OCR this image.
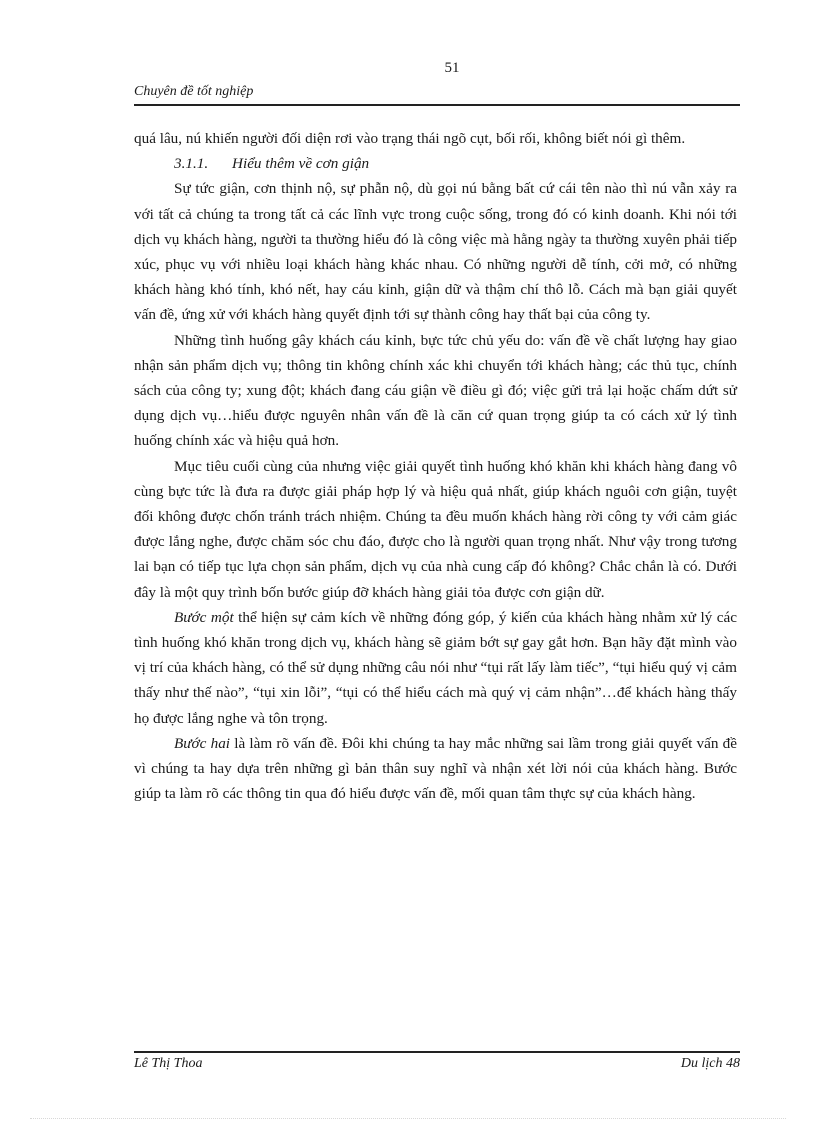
51
Chuyên đề tốt nghiệp

quá lâu, nú khiến người đối diện rơi vào trạng thái ngõ cụt, bối rối, không biết nói gì thêm.

3.1.1. Hiểu thêm về cơn giận

Sự tức giận, cơn thịnh nộ, sự phẫn nộ, dù gọi nú bằng bất cứ cái tên nào thì nú vẫn xảy ra với tất cả chúng ta trong tất cả các lĩnh vực trong cuộc sống, trong đó có kinh doanh. Khi nói tới dịch vụ khách hàng, người ta thường hiểu đó là công việc mà hằng ngày ta thường xuyên phải tiếp xúc, phục vụ với nhiều loại khách hàng khác nhau. Có những người dễ tính, cởi mở, có những khách hàng khó tính, khó nết, hay cáu kỉnh, giận dữ và thậm chí thô lỗ. Cách mà bạn giải quyết vấn đề, ứng xử với khách hàng quyết định tới sự thành công hay thất bại của công ty.

Những tình huống gây khách cáu kỉnh, bực tức chủ yếu do: vấn đề về chất lượng hay giao nhận sản phẩm dịch vụ; thông tin không chính xác khi chuyển tới khách hàng; các thủ tục, chính sách của công ty; xung đột; khách đang cáu giận về điều gì đó; việc gửi trả lại hoặc chấm dứt sử dụng dịch vụ…hiểu được nguyên nhân vấn đề là căn cứ quan trọng giúp ta có cách xử lý tình huống chính xác và hiệu quả hơn.

Mục tiêu cuối cùng của nhưng việc giải quyết tình huống khó khăn khi khách hàng đang vô cùng bực tức là đưa ra được giải pháp hợp lý và hiệu quả nhất, giúp khách nguôi cơn giận, tuyệt đối không được chốn tránh trách nhiệm. Chúng ta đều muốn khách hàng rời công ty với cảm giác được lắng nghe, được chăm sóc chu đáo, được cho là người quan trọng nhất. Như vậy trong tương lai bạn có tiếp tục lựa chọn sản phẩm, dịch vụ của nhà cung cấp đó không? Chắc chắn là có. Dưới đây là một quy trình bốn bước giúp đỡ khách hàng giải tỏa được cơn giận dữ.

Bước một thể hiện sự cảm kích về những đóng góp, ý kiến của khách hàng nhằm xử lý các tình huống khó khăn trong dịch vụ, khách hàng sẽ giảm bớt sự gay gắt hơn. Bạn hãy đặt mình vào vị trí của khách hàng, có thể sử dụng những câu nói như “tụi rất lấy làm tiếc”, “tụi hiểu quý vị cảm thấy như thế nào”, “tụi xin lỗi”, “tụi có thể hiểu cách mà quý vị cảm nhận”…để khách hàng thấy họ được lắng nghe và tôn trọng.

Bước hai là làm rõ vấn đề. Đôi khi chúng ta hay mắc những sai lầm trong giải quyết vấn đề vì chúng ta hay dựa trên những gì bản thân suy nghĩ và nhận xét lời nói của khách hàng. Bước giúp ta làm rõ các thông tin qua đó hiểu được vấn đề, mối quan tâm thực sự của khách hàng.

Lê Thị Thoa	Du lịch 48
